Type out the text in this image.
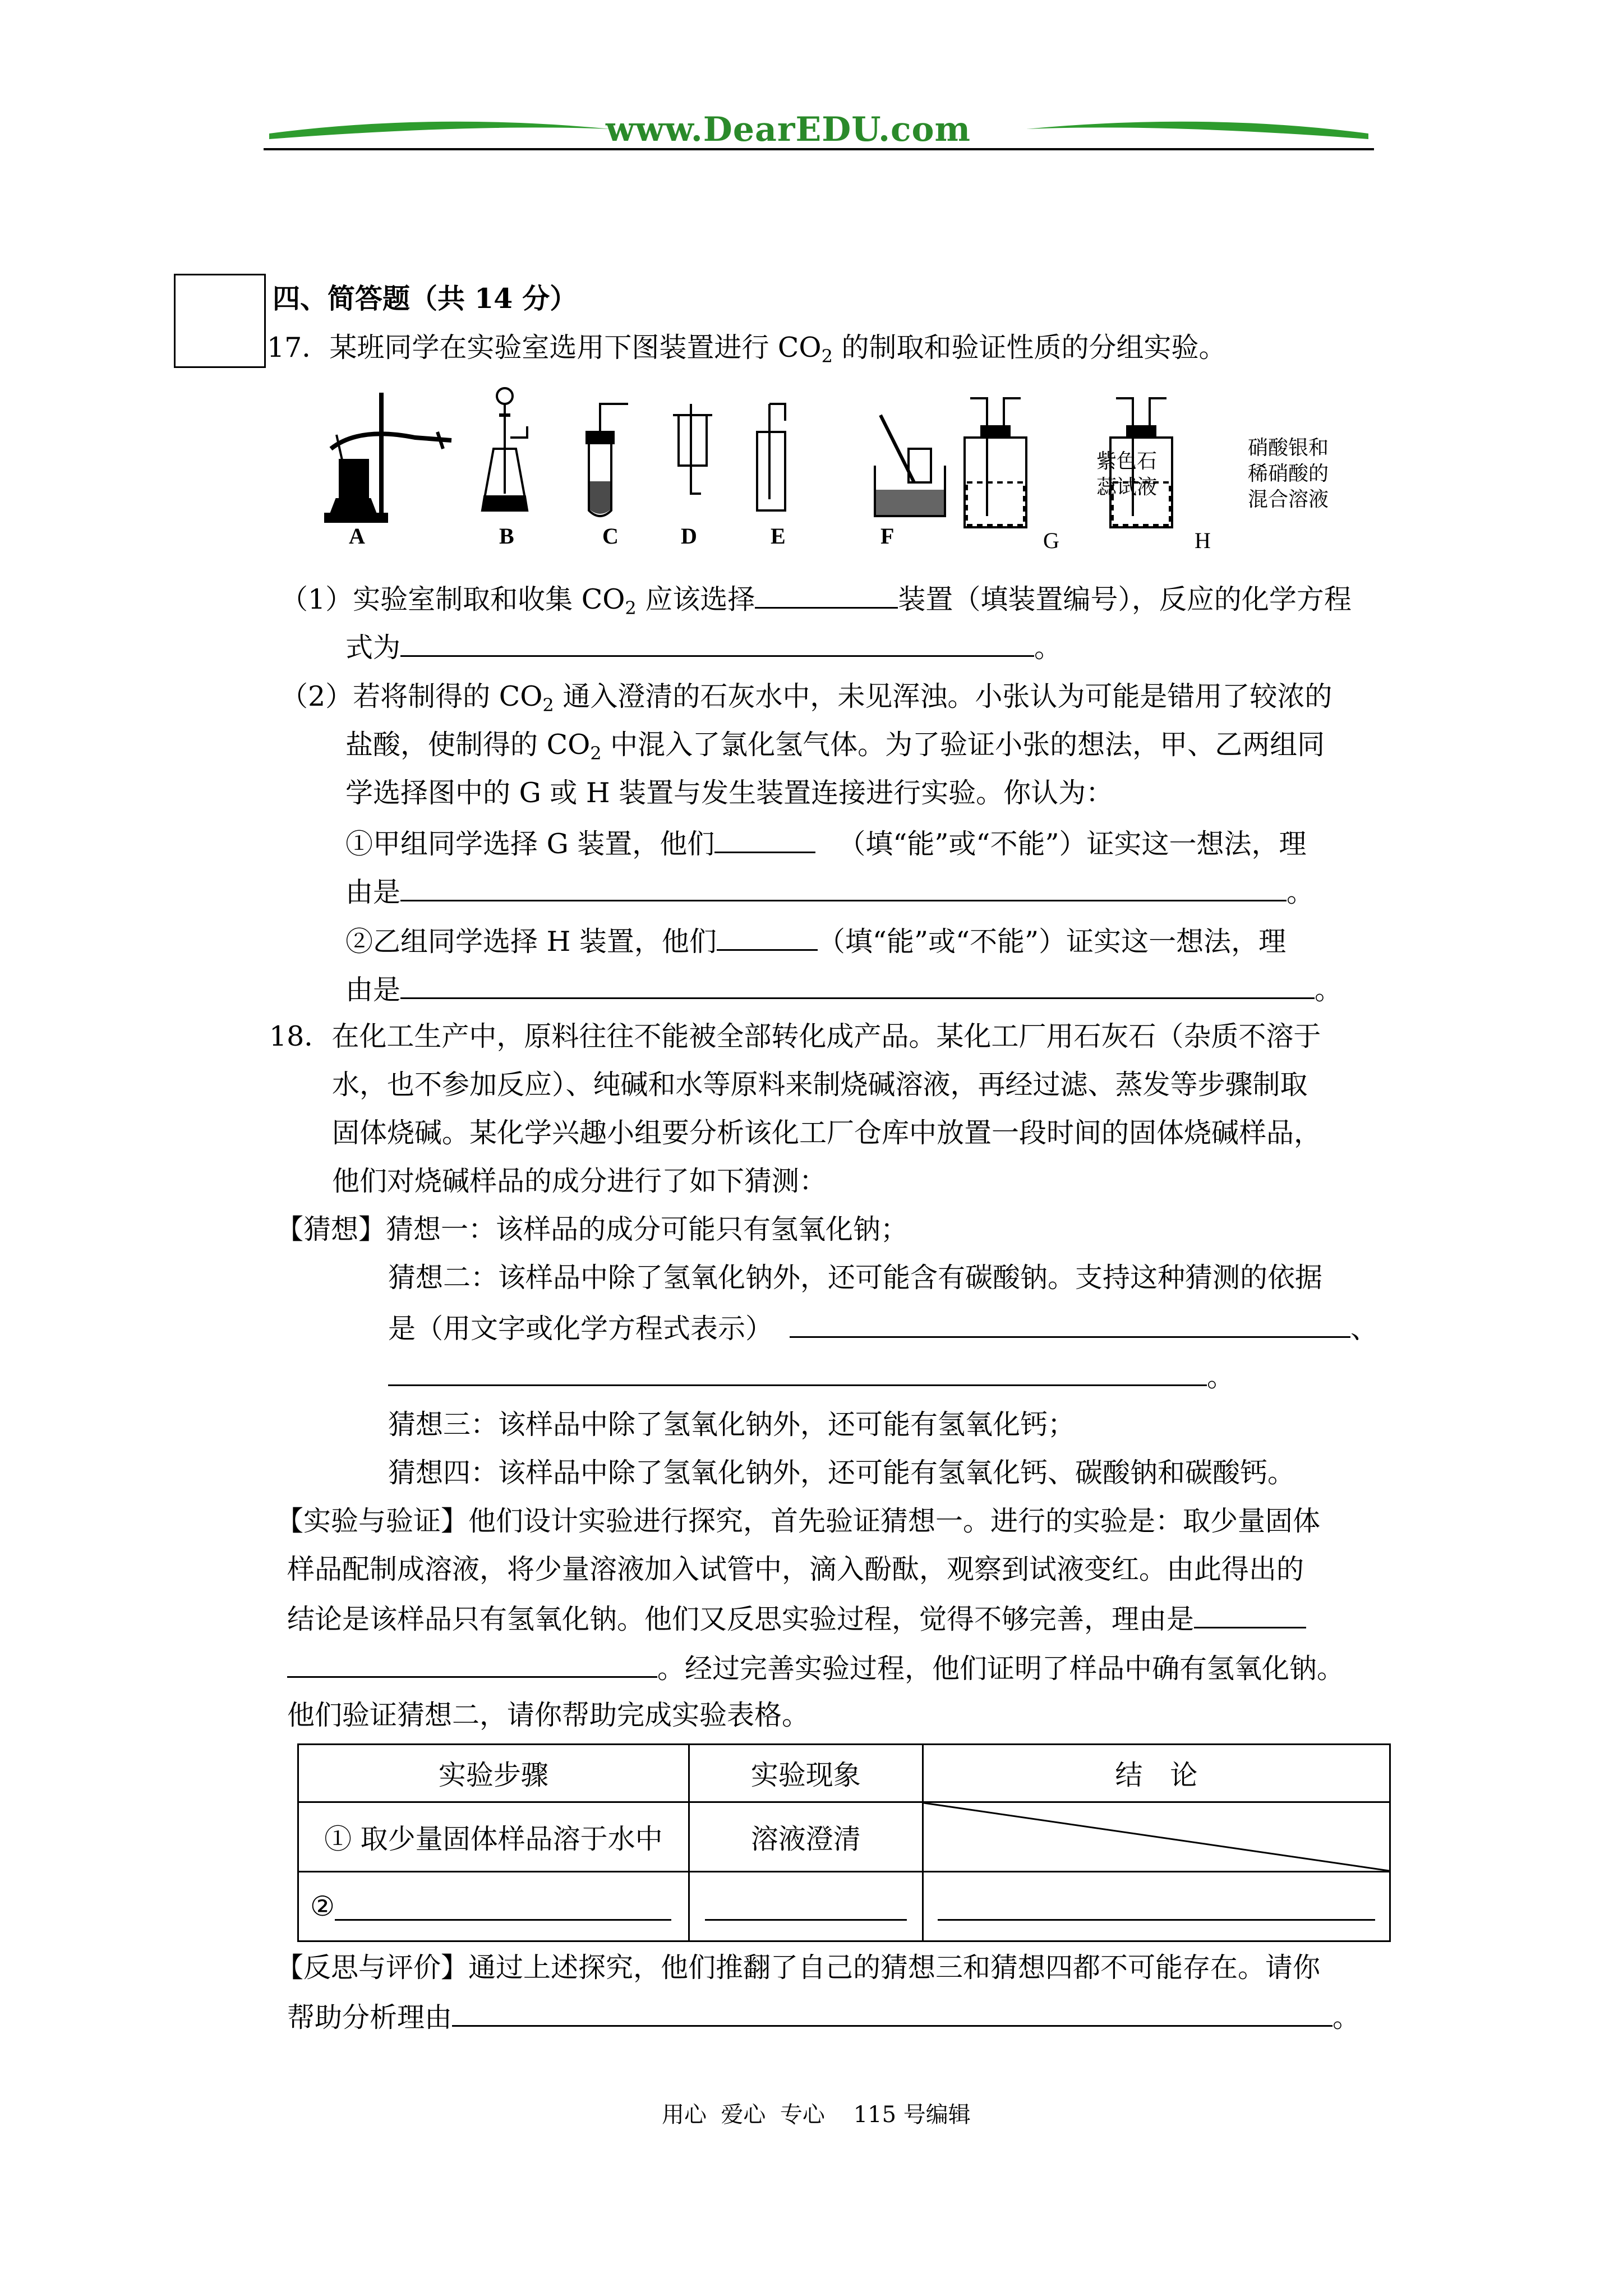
www.DearEDU.com
四、简答题（共 14 分）
17．某班同学在实验室选用下图装置进行 $CO_2$ 的制取和验证性质的分组实验。
A	B	C	D	E	F	G	H
紫色石
蕊试液
硝酸银和
稀硝酸的
混合溶液
（1）实验室制取和收集 $CO_2$ 应该选择	装置（填装置编号），反应的化学方程
式为	。
（2）若将制得的 $CO_2$ 通入澄清的石灰水中，未见浑浊。小张认为可能是错用了较浓的
盐酸，使制得的 $CO_2$ 中混入了氯化氢气体。为了验证小张的想法，甲、乙两组同
学选择图中的 G 或 H 装置与发生装置连接进行实验。你认为：
①甲组同学选择 G 装置，他们	（填“能”或“不能”）证实这一想法，理
由是	。
②乙组同学选择 H 装置，他们	（填“能”或“不能”）证实这一想法，理
由是	。
18．在化工生产中，原料往往不能被全部转化成产品。某化工厂用石灰石（杂质不溶于
水，也不参加反应）、纯碱和水等原料来制烧碱溶液，再经过滤、蒸发等步骤制取
固体烧碱。某化学兴趣小组要分析该化工厂仓库中放置一段时间的固体烧碱样品，
他们对烧碱样品的成分进行了如下猜测：
【猜想】猜想一：该样品的成分可能只有氢氧化钠；
猜想二：该样品中除了氢氧化钠外，还可能含有碳酸钠。支持这种猜测的依据
是（用文字或化学方程式表示）	、
。
猜想三：该样品中除了氢氧化钠外，还可能有氢氧化钙；
猜想四：该样品中除了氢氧化钠外，还可能有氢氧化钙、碳酸钠和碳酸钙。
【实验与验证】他们设计实验进行探究，首先验证猜想一。进行的实验是：取少量固体
样品配制成溶液，将少量溶液加入试管中，滴入酚酞，观察到试液变红。由此得出的
结论是该样品只有氢氧化钠。他们又反思实验过程，觉得不够完善，理由是
。经过完善实验过程，他们证明了样品中确有氢氧化钠。
他们验证猜想二，请你帮助完成实验表格。
实验步骤	实验现象	结　论
① 取少量固体样品溶于水中	溶液澄清	

②		
【反思与评价】通过上述探究，他们推翻了自己的猜想三和猜想四都不可能存在。请你
帮助分析理由	。
用心  爱心  专心    115 号编辑
